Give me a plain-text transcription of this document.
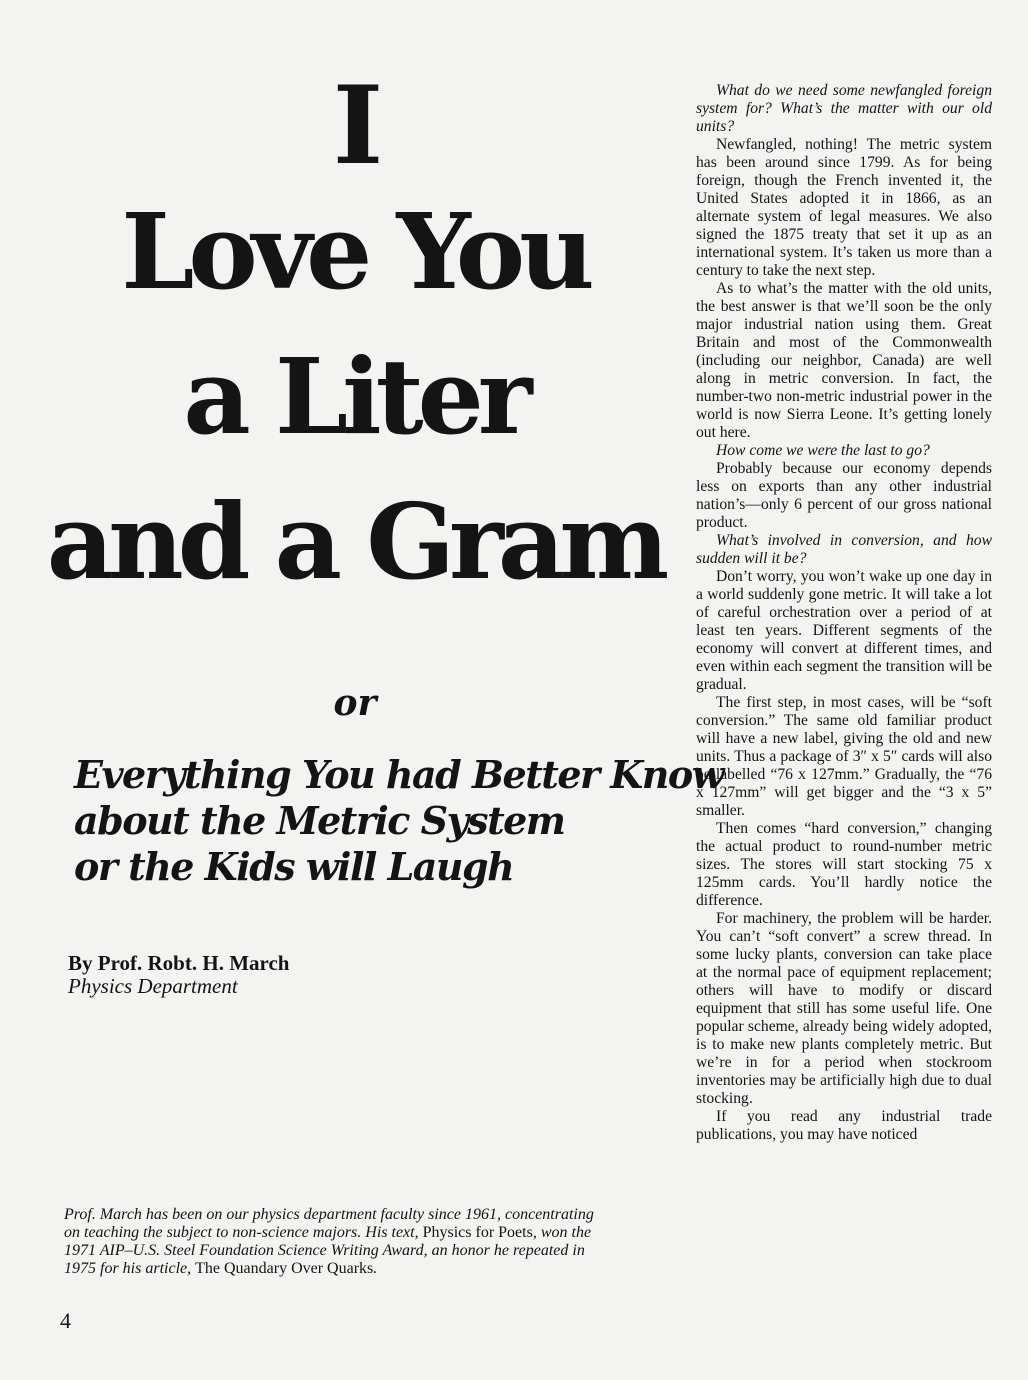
I
Love You
a Liter
and a Gram
or
Everything You had Better Know
about the Metric System
or the Kids will Laugh
By Prof. Robt. H. March
Physics Department
Prof. March has been on our physics department faculty since 1961, concentrating on teaching the subject to non-science majors. His text, Physics for Poets, won the 1971 AIP–U.S. Steel Foundation Science Writing Award, an honor he repeated in 1975 for his article, The Quandary Over Quarks.
4

What do we need some newfangled foreign system for? What’s the matter with our old units?

Newfangled, nothing! The metric system has been around since 1799. As for being foreign, though the French invented it, the United States adopted it in 1866, as an alternate system of legal measures. We also signed the 1875 treaty that set it up as an international system. It’s taken us more than a century to take the next step.

As to what’s the matter with the old units, the best answer is that we’ll soon be the only major industrial nation using them. Great Britain and most of the Commonwealth (including our neighbor, Canada) are well along in metric conversion. In fact, the number-two non-metric industrial power in the world is now Sierra Leone. It’s getting lonely out here.

How come we were the last to go?

Probably because our economy depends less on exports than any other industrial nation’s—only 6 percent of our gross national product.

What’s involved in conversion, and how sudden will it be?

Don’t worry, you won’t wake up one day in a world suddenly gone metric. It will take a lot of careful orchestration over a period of at least ten years. Different segments of the economy will convert at different times, and even within each segment the transition will be gradual.

The first step, in most cases, will be “soft conversion.” The same old familiar product will have a new label, giving the old and new units. Thus a package of 3″ x 5″ cards will also be labelled “76 x 127mm.” Gradually, the “76 x 127mm” will get bigger and the “3 x 5” smaller.

Then comes “hard conversion,” changing the actual product to round-number metric sizes. The stores will start stocking 75 x 125mm cards. You’ll hardly notice the difference.

For machinery, the problem will be harder. You can’t “soft convert” a screw thread. In some lucky plants, conversion can take place at the normal pace of equipment replacement; others will have to modify or discard equipment that still has some useful life. One popular scheme, already being widely adopted, is to make new plants completely metric. But we’re in for a period when stockroom inventories may be artificially high due to dual stocking.

If you read any industrial trade publications, you may have noticed
